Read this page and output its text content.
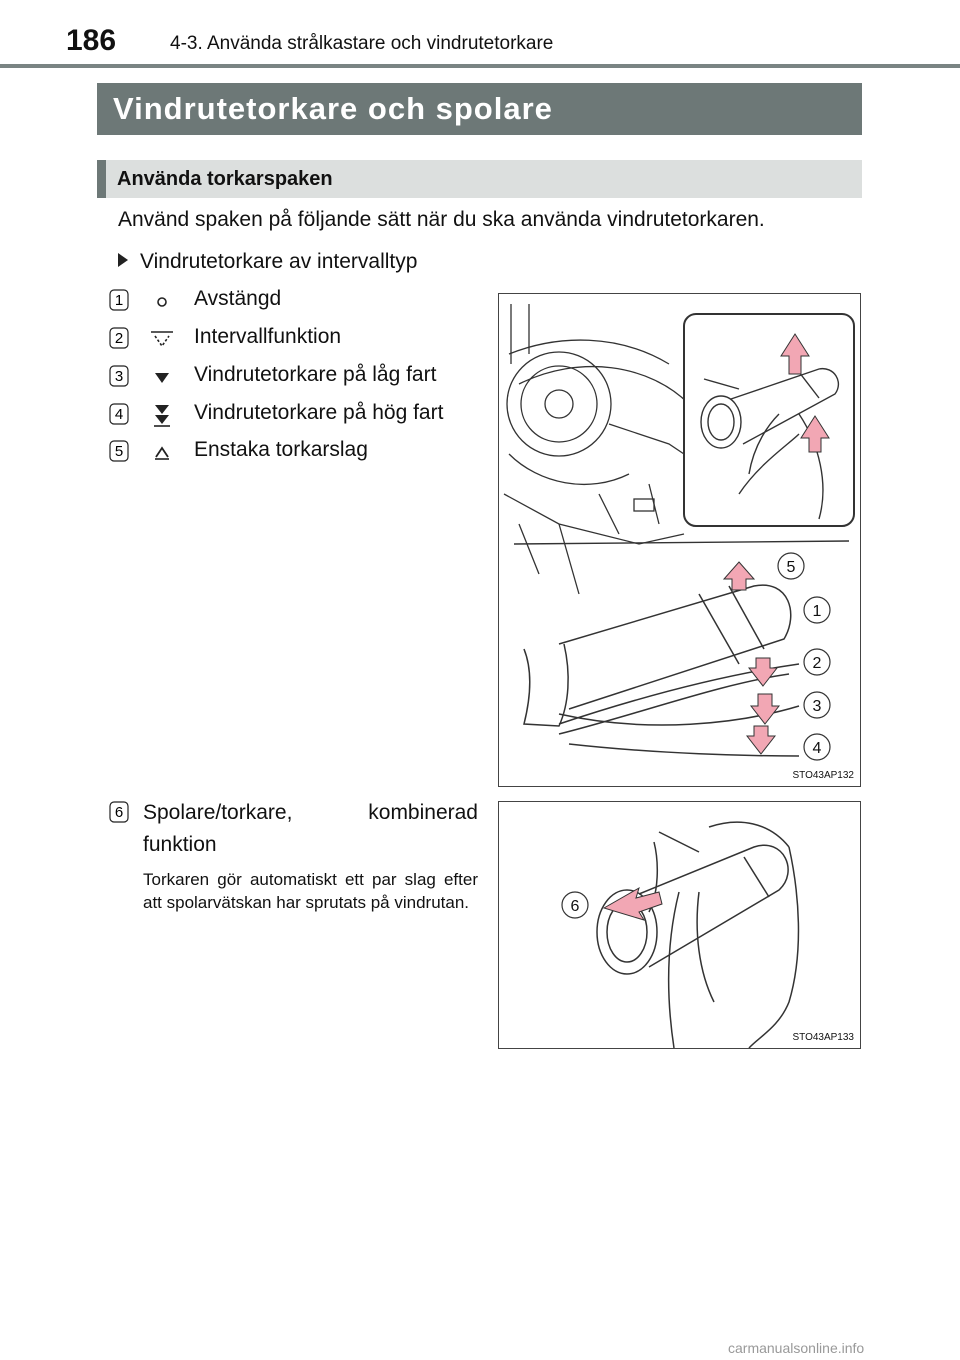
186	4-3. Använda strålkastare och vindrutetorkare
Vindrutetorkare och spolare
Använda torkarspaken
Använd spaken på följande sätt när du ska använda vindrutetorkaren.
Vindrutetorkare av intervalltyp
1	Avstängd
2	Intervallfunktion
3	Vindrutetorkare på låg fart
4	Vindrutetorkare på hög fart
5	Enstaka torkarslag
5
1
2
3
4
STO43AP132
6 Spolare/torkare, kombinerad
funktion
Torkaren gör automatiskt ett par slag efter att spolarvätskan har sprutats på vindrutan.	6
STO43AP133
carmanualsonline.info
